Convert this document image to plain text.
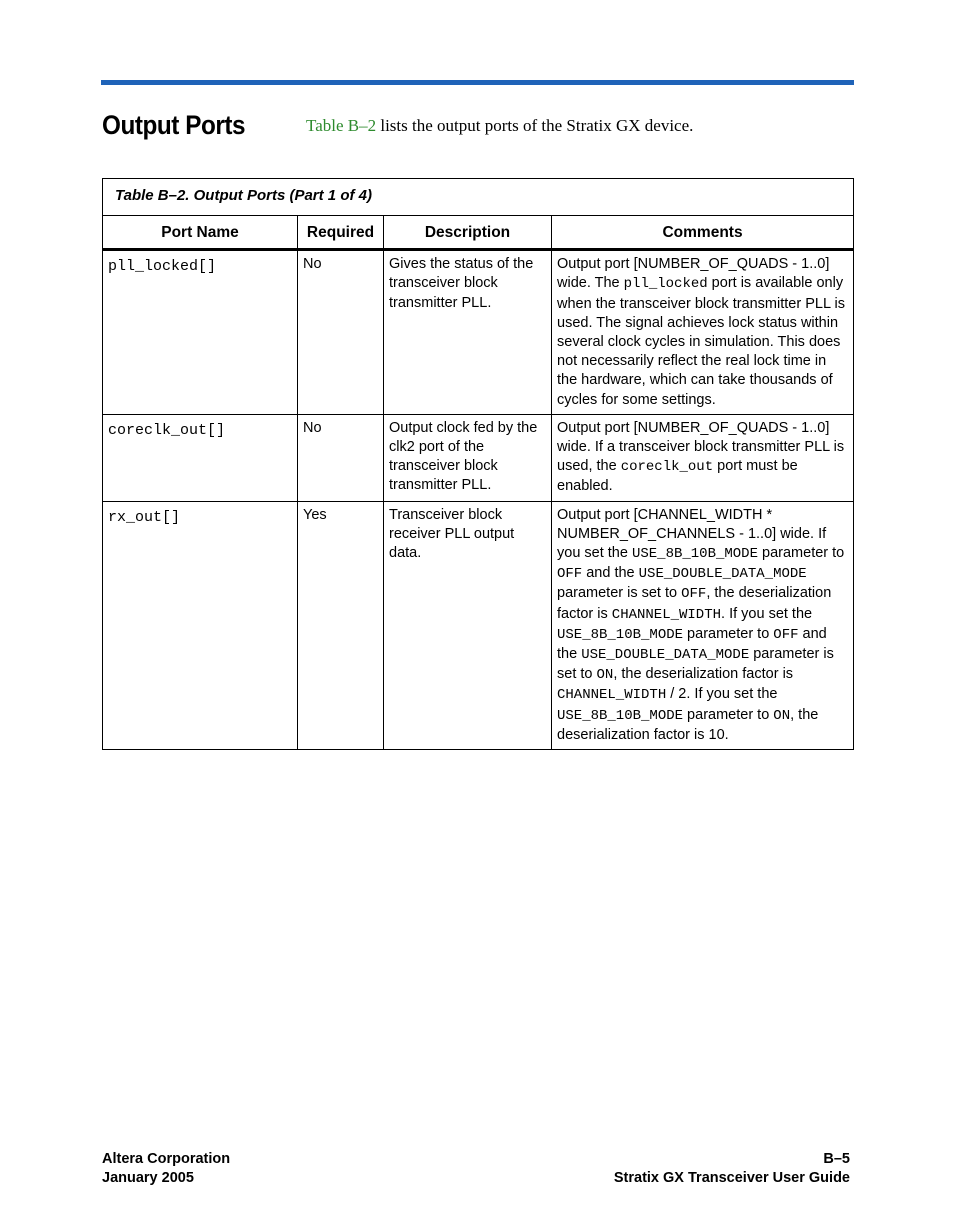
Output Ports	Table B–2 lists the output ports of the Stratix GX device.
Table B–2. Output Ports (Part 1 of 4)			
Port Name	Required	Description	Comments
pll_locked[]	No	Gives the status of the transceiver block transmitter PLL.	Output port [NUMBER_OF_QUADS - 1..0] wide. The pll_locked port is available only when the transceiver block transmitter PLL is used. The signal achieves lock status within several clock cycles in simulation. This does not necessarily reflect the real lock time in the hardware, which can take thousands of cycles for some settings.
coreclk_out[]	No	Output clock fed by the clk2 port of the transceiver block transmitter PLL.	Output port [NUMBER_OF_QUADS - 1..0] wide. If a transceiver block transmitter PLL is used, the coreclk_out port must be enabled.
rx_out[]	Yes	Transceiver block receiver PLL output data.	Output port [CHANNEL_WIDTH * NUMBER_OF_CHANNELS - 1..0] wide. If you set the USE_8B_10B_MODE parameter to OFF and the USE_DOUBLE_DATA_MODE parameter is set to OFF, the deserialization factor is CHANNEL_WIDTH. If you set the USE_8B_10B_MODE parameter to OFF and the USE_DOUBLE_DATA_MODE parameter is set to ON, the deserialization factor is CHANNEL_WIDTH / 2. If you set the USE_8B_10B_MODE parameter to ON, the deserialization factor is 10.
Altera Corporation
January 2005
B–5
Stratix GX Transceiver User Guide
